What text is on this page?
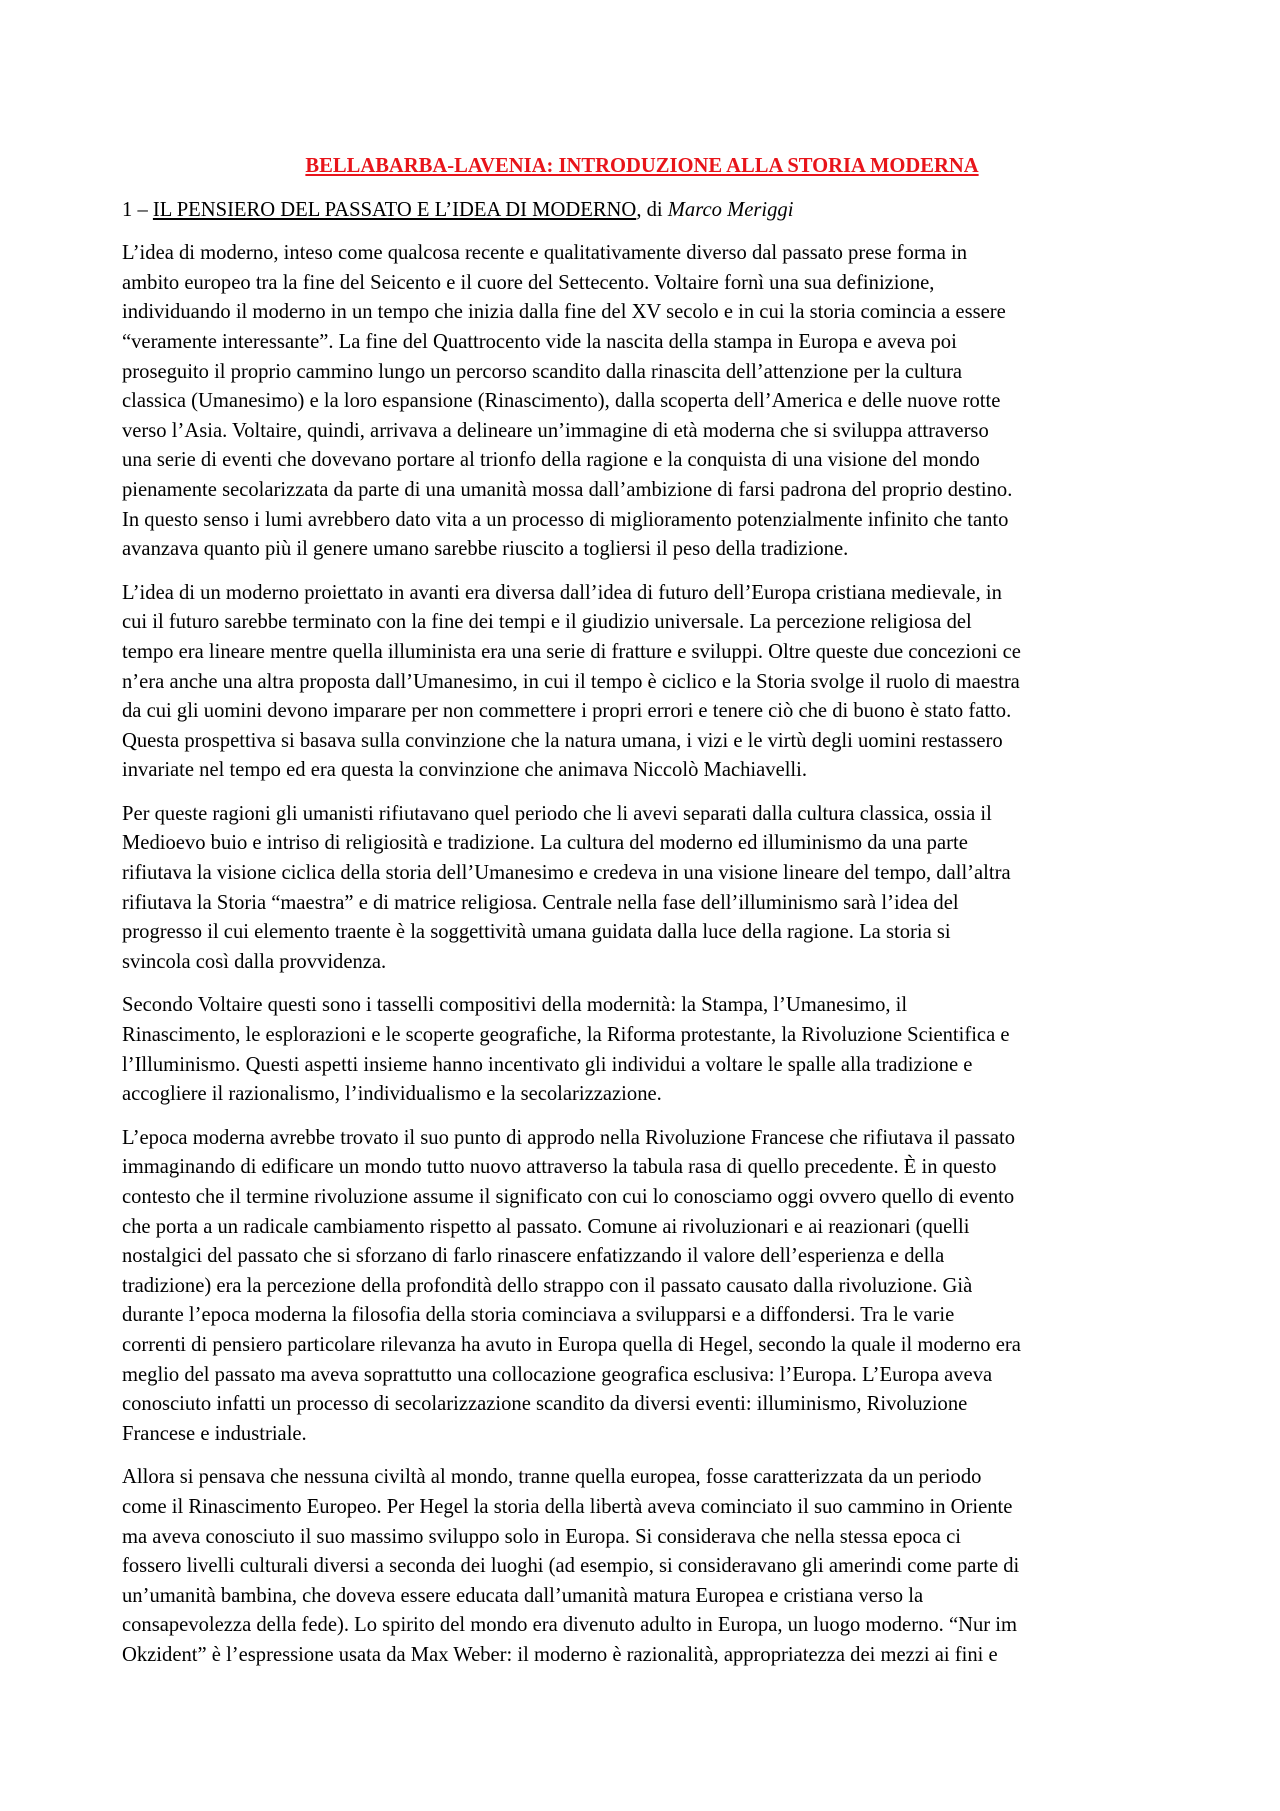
BELLABARBA-LAVENIA: INTRODUZIONE ALLA STORIA MODERNA
1 – IL PENSIERO DEL PASSATO E L’IDEA DI MODERNO, di Marco Meriggi

L’idea di moderno, inteso come qualcosa recente e qualitativamente diverso dal passato prese forma in
ambito europeo tra la fine del Seicento e il cuore del Settecento. Voltaire fornì una sua definizione,
individuando il moderno in un tempo che inizia dalla fine del XV secolo e in cui la storia comincia a essere
“veramente interessante”. La fine del Quattrocento vide la nascita della stampa in Europa e aveva poi
proseguito il proprio cammino lungo un percorso scandito dalla rinascita dell’attenzione per la cultura
classica (Umanesimo) e la loro espansione (Rinascimento), dalla scoperta dell’America e delle nuove rotte
verso l’Asia. Voltaire, quindi, arrivava a delineare un’immagine di età moderna che si sviluppa attraverso
una serie di eventi che dovevano portare al trionfo della ragione e la conquista di una visione del mondo
pienamente secolarizzata da parte di una umanità mossa dall’ambizione di farsi padrona del proprio destino.
In questo senso i lumi avrebbero dato vita a un processo di miglioramento potenzialmente infinito che tanto
avanzava quanto più il genere umano sarebbe riuscito a togliersi il peso della tradizione.

L’idea di un moderno proiettato in avanti era diversa dall’idea di futuro dell’Europa cristiana medievale, in
cui il futuro sarebbe terminato con la fine dei tempi e il giudizio universale. La percezione religiosa del
tempo era lineare mentre quella illuminista era una serie di fratture e sviluppi. Oltre queste due concezioni ce
n’era anche una altra proposta dall’Umanesimo, in cui il tempo è ciclico e la Storia svolge il ruolo di maestra
da cui gli uomini devono imparare per non commettere i propri errori e tenere ciò che di buono è stato fatto.
Questa prospettiva si basava sulla convinzione che la natura umana, i vizi e le virtù degli uomini restassero
invariate nel tempo ed era questa la convinzione che animava Niccolò Machiavelli.

Per queste ragioni gli umanisti rifiutavano quel periodo che li avevi separati dalla cultura classica, ossia il
Medioevo buio e intriso di religiosità e tradizione. La cultura del moderno ed illuminismo da una parte
rifiutava la visione ciclica della storia dell’Umanesimo e credeva in una visione lineare del tempo, dall’altra
rifiutava la Storia “maestra” e di matrice religiosa. Centrale nella fase dell’illuminismo sarà l’idea del
progresso il cui elemento traente è la soggettività umana guidata dalla luce della ragione. La storia si
svincola così dalla provvidenza.

Secondo Voltaire questi sono i tasselli compositivi della modernità: la Stampa, l’Umanesimo, il
Rinascimento, le esplorazioni e le scoperte geografiche, la Riforma protestante, la Rivoluzione Scientifica e
l’Illuminismo. Questi aspetti insieme hanno incentivato gli individui a voltare le spalle alla tradizione e
accogliere il razionalismo, l’individualismo e la secolarizzazione.

L’epoca moderna avrebbe trovato il suo punto di approdo nella Rivoluzione Francese che rifiutava il passato
immaginando di edificare un mondo tutto nuovo attraverso la tabula rasa di quello precedente. È in questo
contesto che il termine rivoluzione assume il significato con cui lo conosciamo oggi ovvero quello di evento
che porta a un radicale cambiamento rispetto al passato. Comune ai rivoluzionari e ai reazionari (quelli
nostalgici del passato che si sforzano di farlo rinascere enfatizzando il valore dell’esperienza e della
tradizione) era la percezione della profondità dello strappo con il passato causato dalla rivoluzione. Già
durante l’epoca moderna la filosofia della storia cominciava a svilupparsi e a diffondersi. Tra le varie
correnti di pensiero particolare rilevanza ha avuto in Europa quella di Hegel, secondo la quale il moderno era
meglio del passato ma aveva soprattutto una collocazione geografica esclusiva: l’Europa. L’Europa aveva
conosciuto infatti un processo di secolarizzazione scandito da diversi eventi: illuminismo, Rivoluzione
Francese e industriale.

Allora si pensava che nessuna civiltà al mondo, tranne quella europea, fosse caratterizzata da un periodo
come il Rinascimento Europeo. Per Hegel la storia della libertà aveva cominciato il suo cammino in Oriente
ma aveva conosciuto il suo massimo sviluppo solo in Europa. Si considerava che nella stessa epoca ci
fossero livelli culturali diversi a seconda dei luoghi (ad esempio, si consideravano gli amerindi come parte di
un’umanità bambina, che doveva essere educata dall’umanità matura Europea e cristiana verso la
consapevolezza della fede). Lo spirito del mondo era divenuto adulto in Europa, un luogo moderno. “Nur im
Okzident” è l’espressione usata da Max Weber: il moderno è razionalità, appropriatezza dei mezzi ai fini e
